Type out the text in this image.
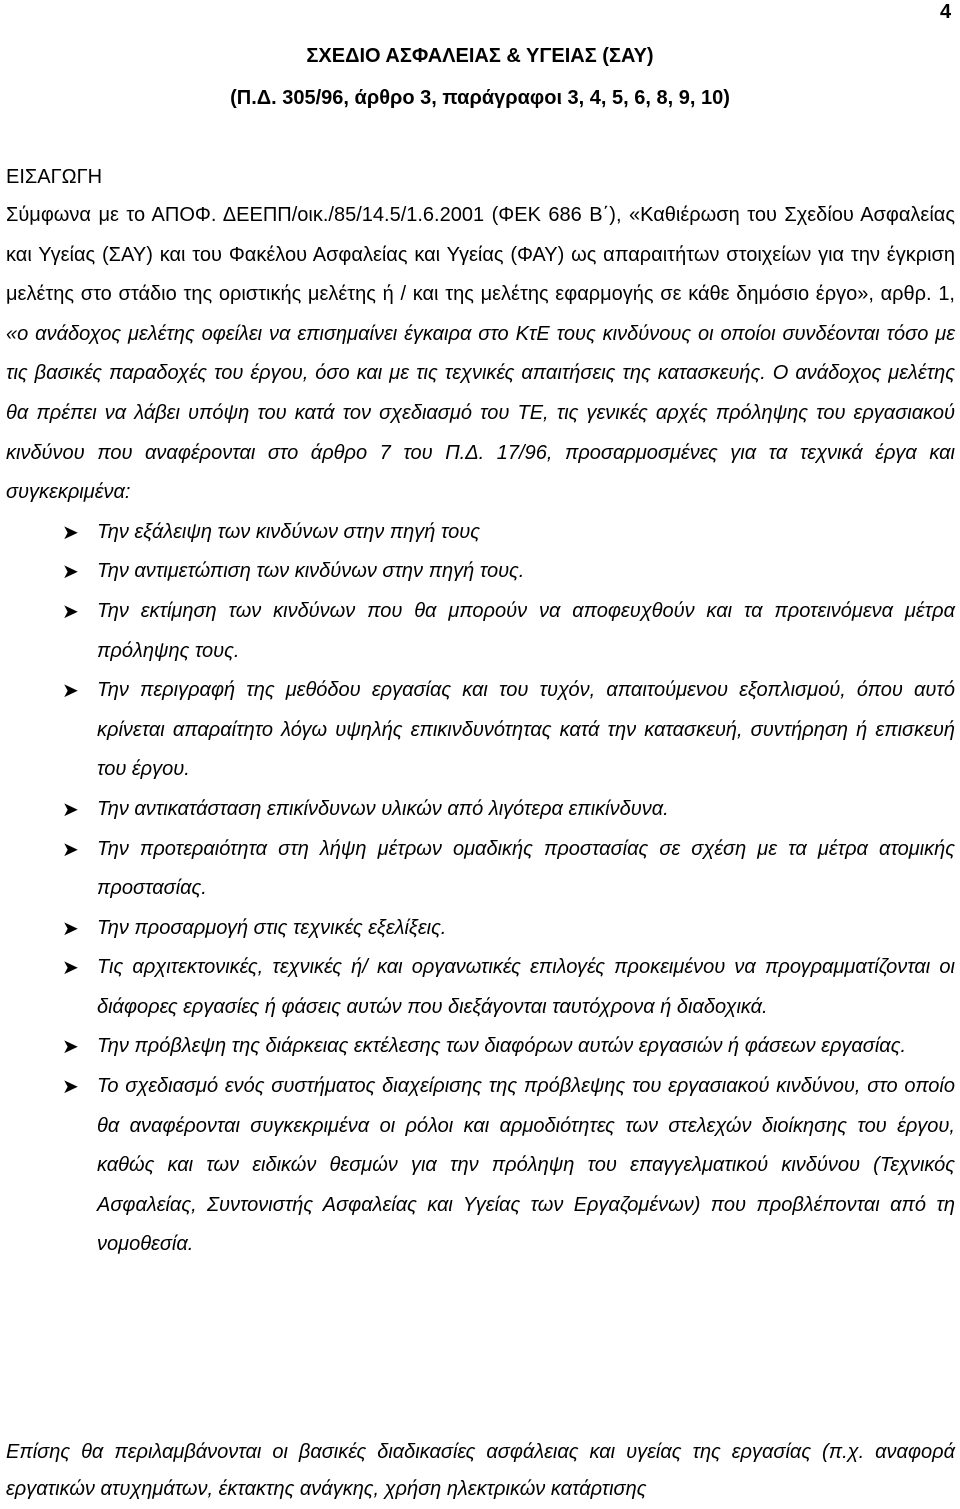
4
ΣΧΕΔΙΟ ΑΣΦΑΛΕΙΑΣ & ΥΓΕΙΑΣ (ΣΑΥ)
(Π.Δ. 305/96, άρθρο 3, παράγραφοι 3, 4, 5, 6, 8, 9, 10)
ΕΙΣΑΓΩΓΗ

Σύμφωνα με το ΑΠΟΦ. ΔΕΕΠΠ/οικ./85/14.5/1.6.2001 (ΦΕΚ 686 Β΄), «Καθιέρωση του Σχεδίου Ασφαλείας και Υγείας (ΣΑΥ) και του Φακέλου Ασφαλείας και Υγείας (ΦΑΥ) ως απαραιτήτων στοιχείων για την έγκριση μελέτης στο στάδιο της οριστικής μελέτης ή / και της μελέτης εφαρμογής σε κάθε δημόσιο έργο», αρθρ. 1, «ο ανάδοχος μελέτης οφείλει να επισημαίνει έγκαιρα στο ΚτΕ τους κινδύνους οι οποίοι συνδέονται τόσο με τις βασικές παραδοχές του έργου, όσο και με τις τεχνικές απαιτήσεις της κατασκευής. Ο ανάδοχος μελέτης θα πρέπει να λάβει υπόψη του κατά τον σχεδιασμό του ΤΕ, τις γενικές αρχές πρόληψης του εργασιακού κινδύνου που αναφέρονται στο άρθρο 7 του Π.Δ. 17/96, προσαρμοσμένες για τα τεχνικά έργα και συγκεκριμένα:

➤ Την εξάλειψη των κινδύνων στην πηγή τους
➤ Την αντιμετώπιση των κινδύνων στην πηγή τους.
➤ Την εκτίμηση των κινδύνων που θα μπορούν να αποφευχθούν και τα προτεινόμενα μέτρα πρόληψης τους.
➤ Την περιγραφή της μεθόδου εργασίας και του τυχόν, απαιτούμενου εξοπλισμού, όπου αυτό κρίνεται απαραίτητο λόγω υψηλής επικινδυνότητας κατά την κατασκευή, συντήρηση ή επισκευή του έργου.
➤ Την αντικατάσταση επικίνδυνων υλικών από λιγότερα επικίνδυνα.
➤ Την προτεραιότητα στη λήψη μέτρων ομαδικής προστασίας σε σχέση με τα μέτρα ατομικής προστασίας.
➤ Την προσαρμογή στις τεχνικές εξελίξεις.
➤ Τις αρχιτεκτονικές, τεχνικές ή/ και οργανωτικές επιλογές προκειμένου να προγραμματίζονται οι διάφορες εργασίες ή φάσεις αυτών που διεξάγονται ταυτόχρονα ή διαδοχικά.
➤ Την πρόβλεψη της διάρκειας εκτέλεσης των διαφόρων αυτών εργασιών ή φάσεων εργασίας.
➤ Το σχεδιασμό ενός συστήματος διαχείρισης της πρόβλεψης του εργασιακού κινδύνου, στο οποίο θα αναφέρονται συγκεκριμένα οι ρόλοι και αρμοδιότητες των στελεχών διοίκησης του έργου, καθώς και των ειδικών θεσμών για την πρόληψη του επαγγελματικού κινδύνου (Τεχνικός Ασφαλείας, Συντονιστής Ασφαλείας και Υγείας των Εργαζομένων) που προβλέπονται από τη νομοθεσία.

Επίσης θα περιλαμβάνονται οι βασικές διαδικασίες ασφάλειας και υγείας της εργασίας (π.χ. αναφορά εργατικών ατυχημάτων, έκτακτης ανάγκης, χρήση ηλεκτρικών κατάρτισης
